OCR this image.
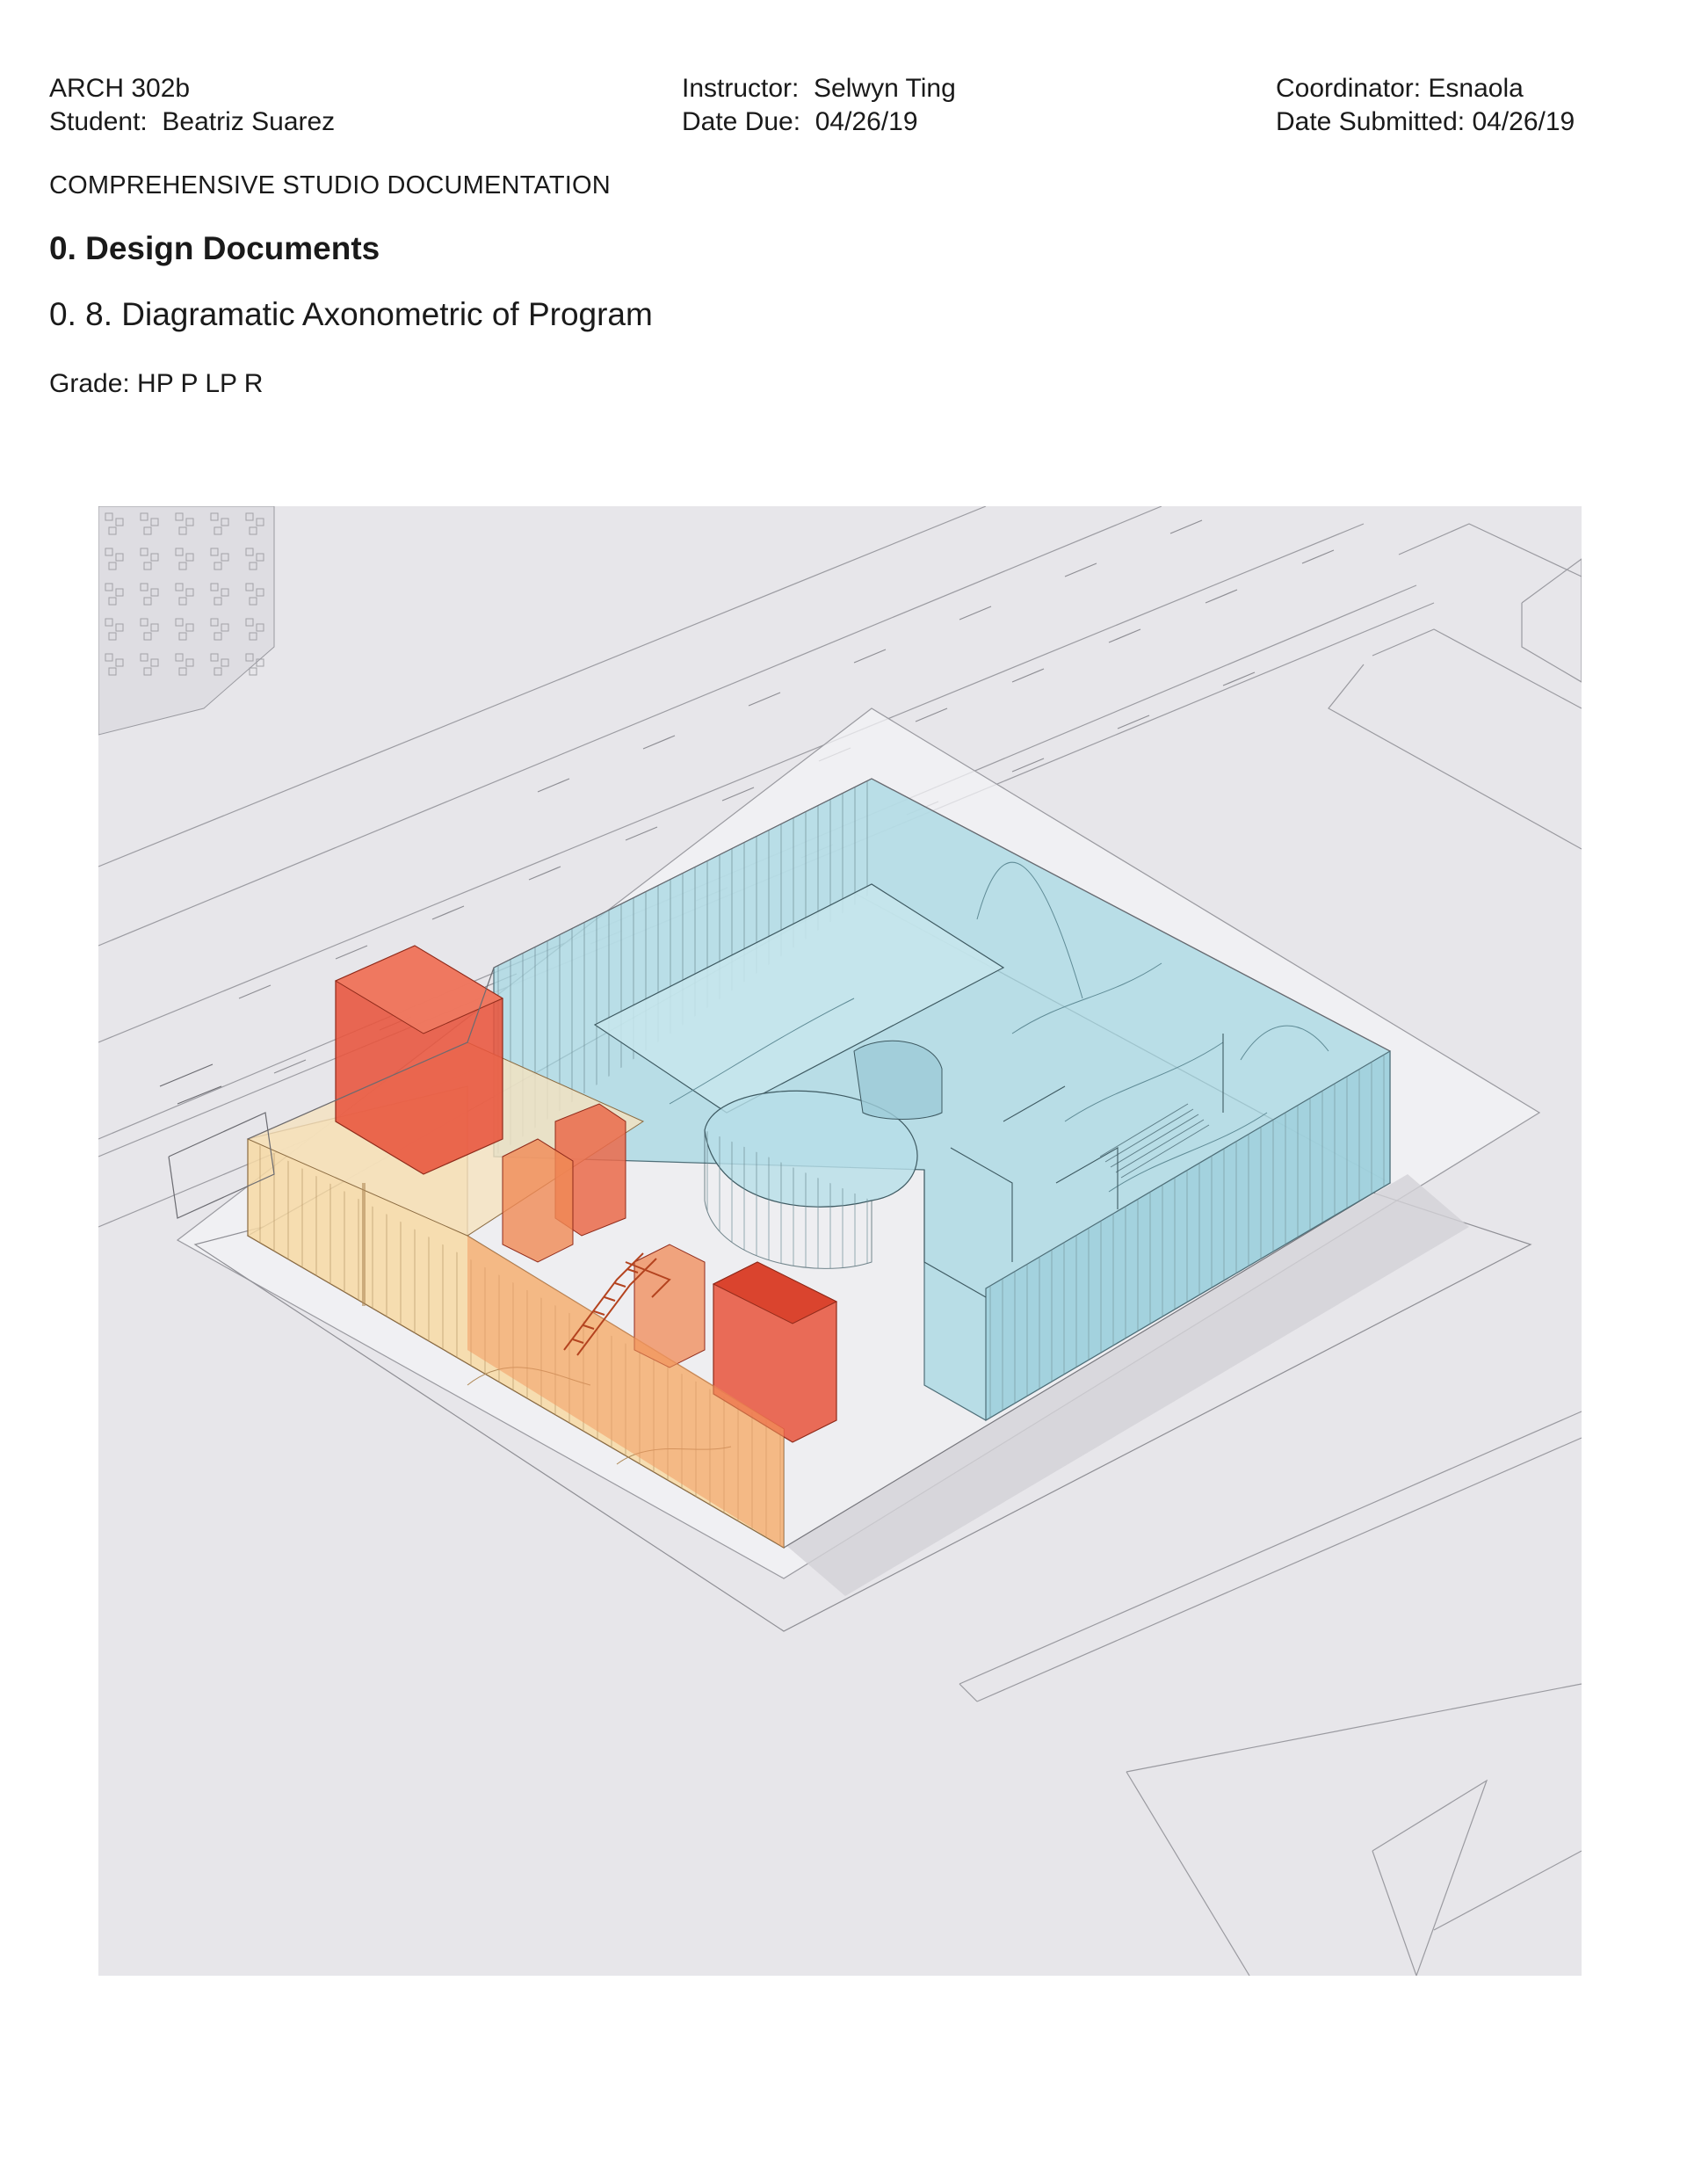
ARCH 302b
Student:  Beatriz Suarez
Instructor:  Selwyn Ting
Date Due:  04/26/19
Coordinator: Esnaola
Date Submitted: 04/26/19
COMPREHENSIVE STUDIO DOCUMENTATION
0. Design Documents
0. 8. Diagramatic Axonometric of Program
Grade: HP P LP R
